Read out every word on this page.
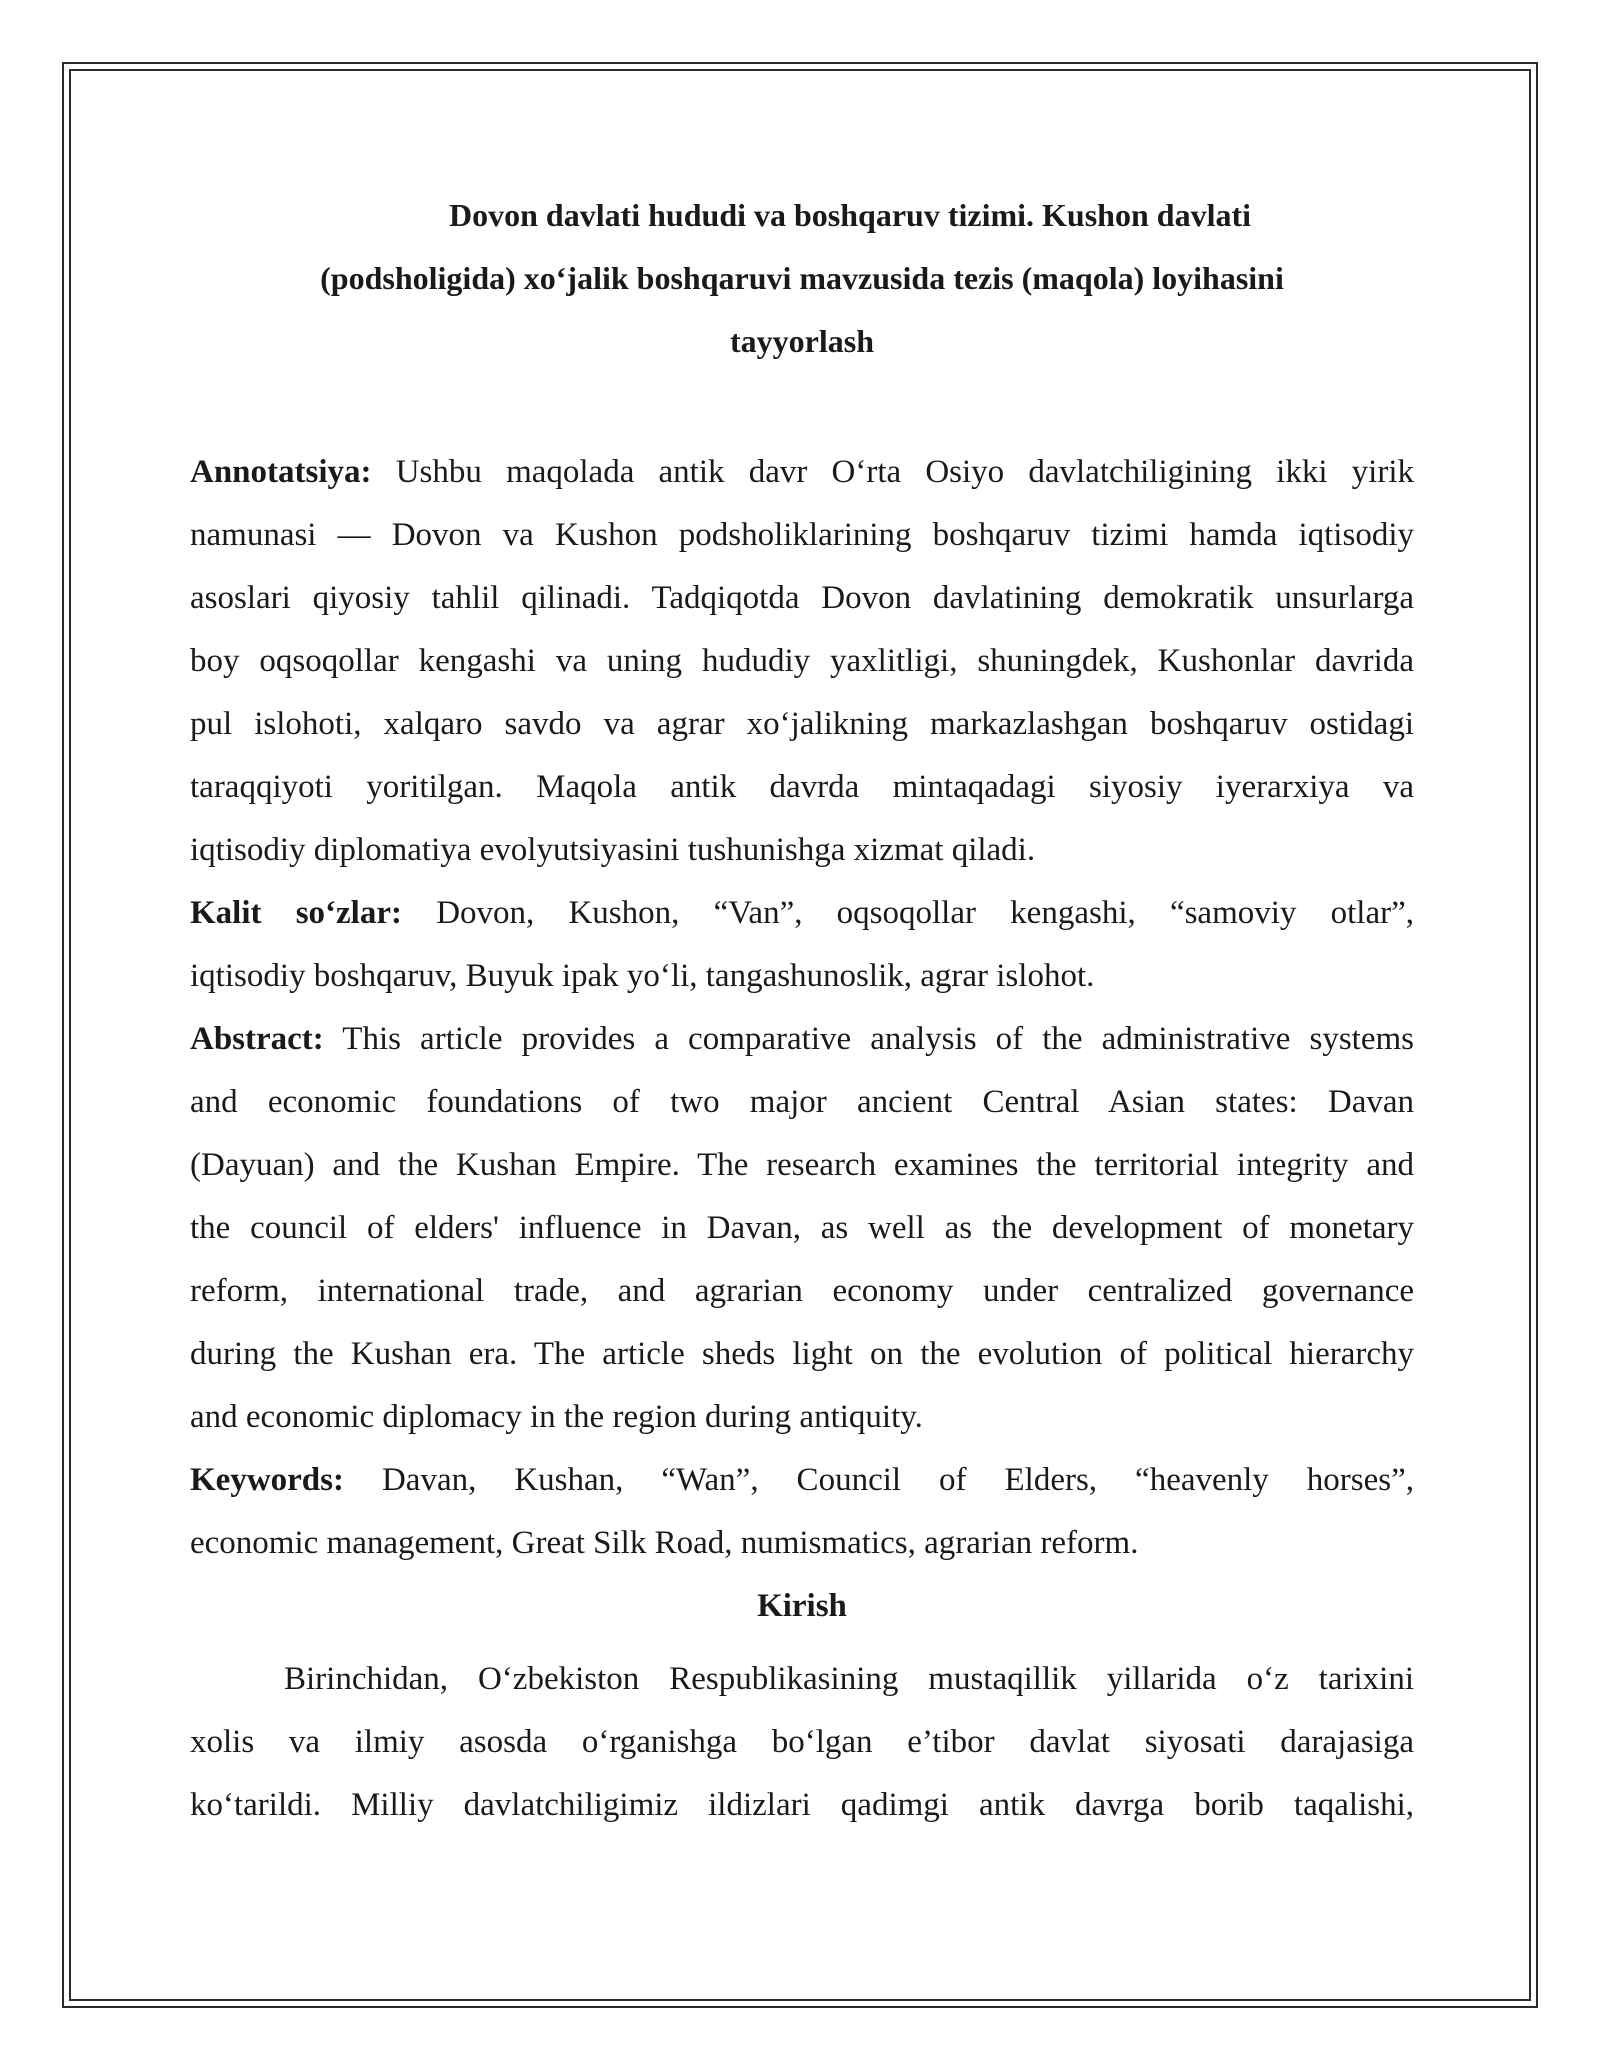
Dovon davlati hududi va boshqaruv tizimi. Kushon davlati
(podsholigida) xo‘jalik boshqaruvi mavzusida tezis (maqola) loyihasini
tayyorlash

Annotatsiya: Ushbu maqolada antik davr O‘rta Osiyo davlatchiligining ikki yirik
namunasi — Dovon va Kushon podsholiklarining boshqaruv tizimi hamda iqtisodiy
asoslari qiyosiy tahlil qilinadi. Tadqiqotda Dovon davlatining demokratik unsurlarga
boy oqsoqollar kengashi va uning hududiy yaxlitligi, shuningdek, Kushonlar davrida
pul islohoti, xalqaro savdo va agrar xo‘jalikning markazlashgan boshqaruv ostidagi
taraqqiyoti yoritilgan. Maqola antik davrda mintaqadagi siyosiy iyerarxiya va
iqtisodiy diplomatiya evolyutsiyasini tushunishga xizmat qiladi.

Kalit so‘zlar: Dovon, Kushon, “Van”, oqsoqollar kengashi, “samoviy otlar”,
iqtisodiy boshqaruv, Buyuk ipak yo‘li, tangashunoslik, agrar islohot.

Abstract: This article provides a comparative analysis of the administrative systems
and economic foundations of two major ancient Central Asian states: Davan
(Dayuan) and the Kushan Empire. The research examines the territorial integrity and
the council of elders' influence in Davan, as well as the development of monetary
reform, international trade, and agrarian economy under centralized governance
during the Kushan era. The article sheds light on the evolution of political hierarchy
and economic diplomacy in the region during antiquity.

Keywords: Davan, Kushan, “Wan”, Council of Elders, “heavenly horses”,
economic management, Great Silk Road, numismatics, agrarian reform.

Kirish

Birinchidan, O‘zbekiston Respublikasining mustaqillik yillarida o‘z tarixini
xolis va ilmiy asosda o‘rganishga bo‘lgan e’tibor davlat siyosati darajasiga
ko‘tarildi. Milliy davlatchiligimiz ildizlari qadimgi antik davrga borib taqalishi,
